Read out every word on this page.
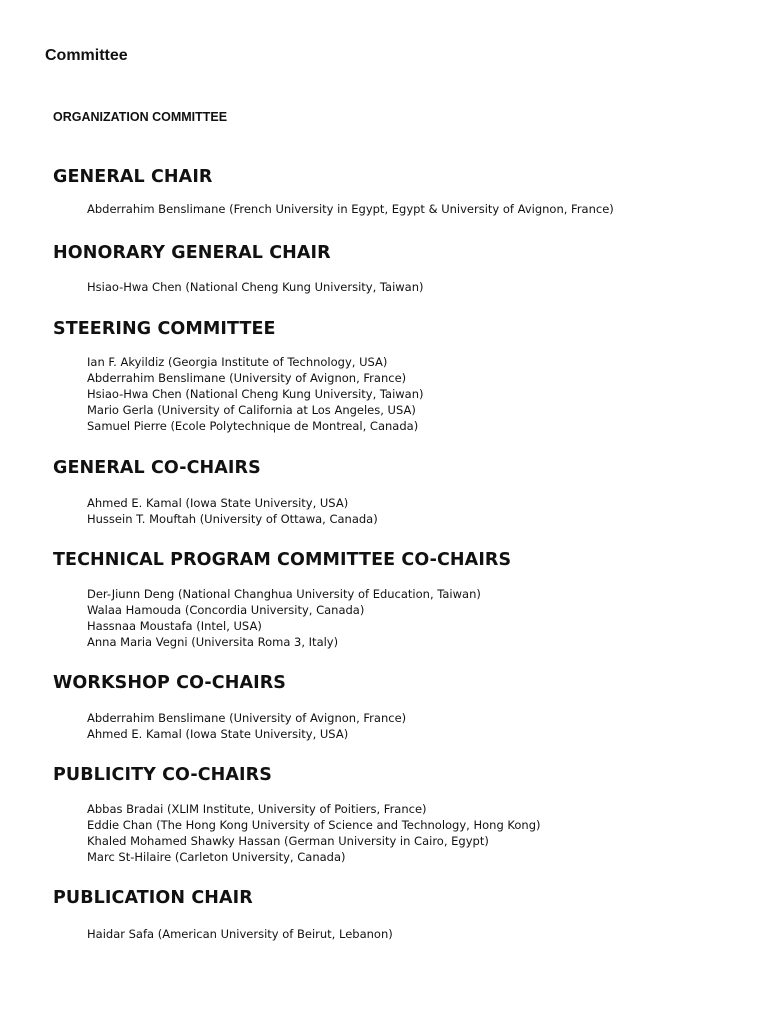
Committee
ORGANIZATION COMMITTEE
GENERAL CHAIR
Abderrahim Benslimane (French University in Egypt, Egypt & University of Avignon, France)
HONORARY GENERAL CHAIR
Hsiao-Hwa Chen (National Cheng Kung University, Taiwan)
STEERING COMMITTEE
Ian F. Akyildiz (Georgia Institute of Technology, USA)
Abderrahim Benslimane (University of Avignon, France)
Hsiao-Hwa Chen (National Cheng Kung University, Taiwan)
Mario Gerla (University of California at Los Angeles, USA)
Samuel Pierre (Ecole Polytechnique de Montreal, Canada)
GENERAL CO-CHAIRS
Ahmed E. Kamal (Iowa State University, USA)
Hussein T. Mouftah (University of Ottawa, Canada)
TECHNICAL PROGRAM COMMITTEE CO-CHAIRS
Der-Jiunn Deng (National Changhua University of Education, Taiwan)
Walaa Hamouda (Concordia University, Canada)
Hassnaa Moustafa (Intel, USA)
Anna Maria Vegni (Universita Roma 3, Italy)
WORKSHOP CO-CHAIRS
Abderrahim Benslimane (University of Avignon, France)
Ahmed E. Kamal (Iowa State University, USA)
PUBLICITY CO-CHAIRS
Abbas Bradai (XLIM Institute, University of Poitiers, France)
Eddie Chan (The Hong Kong University of Science and Technology, Hong Kong)
Khaled Mohamed Shawky Hassan (German University in Cairo, Egypt)
Marc St-Hilaire (Carleton University, Canada)
PUBLICATION CHAIR
Haidar Safa (American University of Beirut, Lebanon)
